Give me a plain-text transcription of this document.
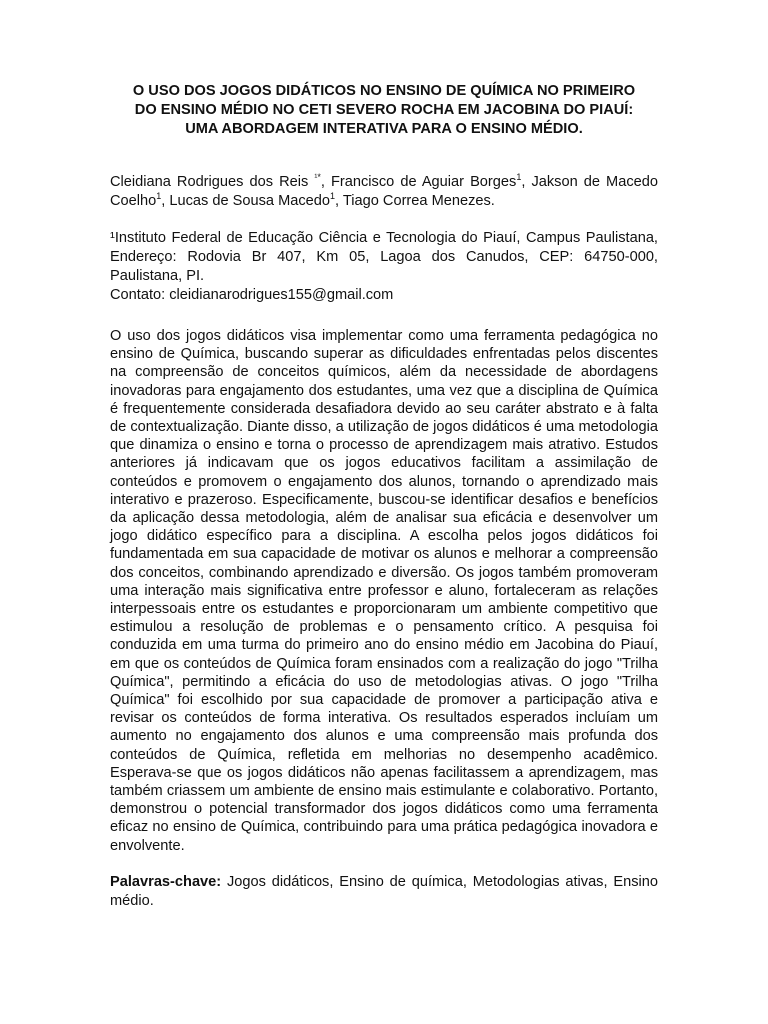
O USO DOS JOGOS DIDÁTICOS NO ENSINO DE QUÍMICA NO PRIMEIRO
DO ENSINO MÉDIO NO CETI SEVERO ROCHA EM JACOBINA DO PIAUÍ:
UMA ABORDAGEM INTERATIVA PARA O ENSINO MÉDIO.
Cleidiana Rodrigues dos Reis $^{^1*}$, Francisco de Aguiar Borges$^1$, Jakson de Macedo Coelho$^1$, Lucas de Sousa Macedo$^1$, Tiago Correa Menezes.
¹Instituto Federal de Educação Ciência e Tecnologia do Piauí, Campus Paulistana, Endereço: Rodovia Br 407, Km 05, Lagoa dos Canudos, CEP: 64750-000, Paulistana, PI.
Contato: cleidianarodrigues155@gmail.com

O uso dos jogos didáticos visa implementar como uma ferramenta pedagógica no ensino de Química, buscando superar as dificuldades enfrentadas pelos discentes na compreensão de conceitos químicos, além da necessidade de abordagens inovadoras para engajamento dos estudantes, uma vez que a disciplina de Química é frequentemente considerada desafiadora devido ao seu caráter abstrato e à falta de contextualização. Diante disso, a utilização de jogos didáticos é uma metodologia que dinamiza o ensino e torna o processo de aprendizagem mais atrativo. Estudos anteriores já indicavam que os jogos educativos facilitam a assimilação de conteúdos e promovem o engajamento dos alunos, tornando o aprendizado mais interativo e prazeroso. Especificamente, buscou-se identificar desafios e benefícios da aplicação dessa metodologia, além de analisar sua eficácia e desenvolver um jogo didático específico para a disciplina. A escolha pelos jogos didáticos foi fundamentada em sua capacidade de motivar os alunos e melhorar a compreensão dos conceitos, combinando aprendizado e diversão. Os jogos também promoveram uma interação mais significativa entre professor e aluno, fortaleceram as relações interpessoais entre os estudantes e proporcionaram um ambiente competitivo que estimulou a resolução de problemas e o pensamento crítico. A pesquisa foi conduzida em uma turma do primeiro ano do ensino médio em Jacobina do Piauí, em que os conteúdos de Química foram ensinados com a realização do jogo "Trilha Química", permitindo a eficácia do uso de metodologias ativas. O jogo "Trilha Química" foi escolhido por sua capacidade de promover a participação ativa e revisar os conteúdos de forma interativa. Os resultados esperados incluíam um aumento no engajamento dos alunos e uma compreensão mais profunda dos conteúdos de Química, refletida em melhorias no desempenho acadêmico. Esperava-se que os jogos didáticos não apenas facilitassem a aprendizagem, mas também criassem um ambiente de ensino mais estimulante e colaborativo. Portanto, demonstrou o potencial transformador dos jogos didáticos como uma ferramenta eficaz no ensino de Química, contribuindo para uma prática pedagógica inovadora e envolvente.

Palavras-chave: Jogos didáticos, Ensino de química, Metodologias ativas, Ensino médio.
